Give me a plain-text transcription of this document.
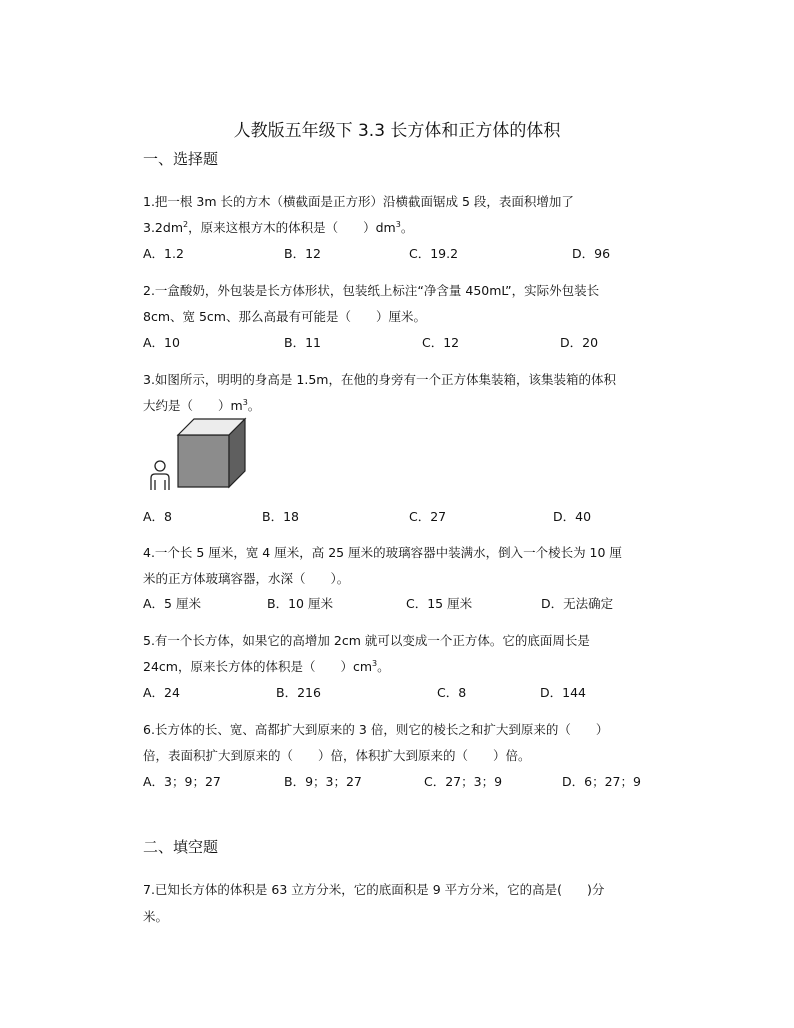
人教版五年级下 3.3 长方体和正方体的体积
一、选择题
1.把一根 3m 长的方木（横截面是正方形）沿横截面锯成 5 段，表面积增加了
$3.2dm^2$，原来这根方木的体积是（　　）$dm^3$。
A．1.2	B．12	C．19.2	D．96
2.一盒酸奶，外包装是长方体形状，包装纸上标注“净含量 450mL”，实际外包装长
8cm、宽 5cm、那么高最有可能是（　　）厘米。
A．10	B．11	C．12	D．20
3.如图所示，明明的身高是 1.5m，在他的身旁有一个正方体集装箱，该集装箱的体积
大约是（　　）$m^3$。
A．8	B．18	C．27	D．40
4.一个长 5 厘米，宽 4 厘米，高 25 厘米的玻璃容器中装满水，倒入一个棱长为 10 厘
米的正方体玻璃容器，水深（　　）。
A．5 厘米	B．10 厘米	C．15 厘米	D．无法确定
5.有一个长方体，如果它的高增加 2cm 就可以变成一个正方体。它的底面周长是
24cm，原来长方体的体积是（　　）$cm^3$。
A．24	B．216	C．8	D．144
6.长方体的长、宽、高都扩大到原来的 3 倍，则它的棱长之和扩大到原来的（　　）
倍，表面积扩大到原来的（　　）倍，体积扩大到原来的（　　）倍。
A．3；9；27	B．9；3；27	C．27；3；9	D．6；27；9
二、填空题
7.已知长方体的体积是 63 立方分米，它的底面积是 9 平方分米，它的高是(　　)分
米。
